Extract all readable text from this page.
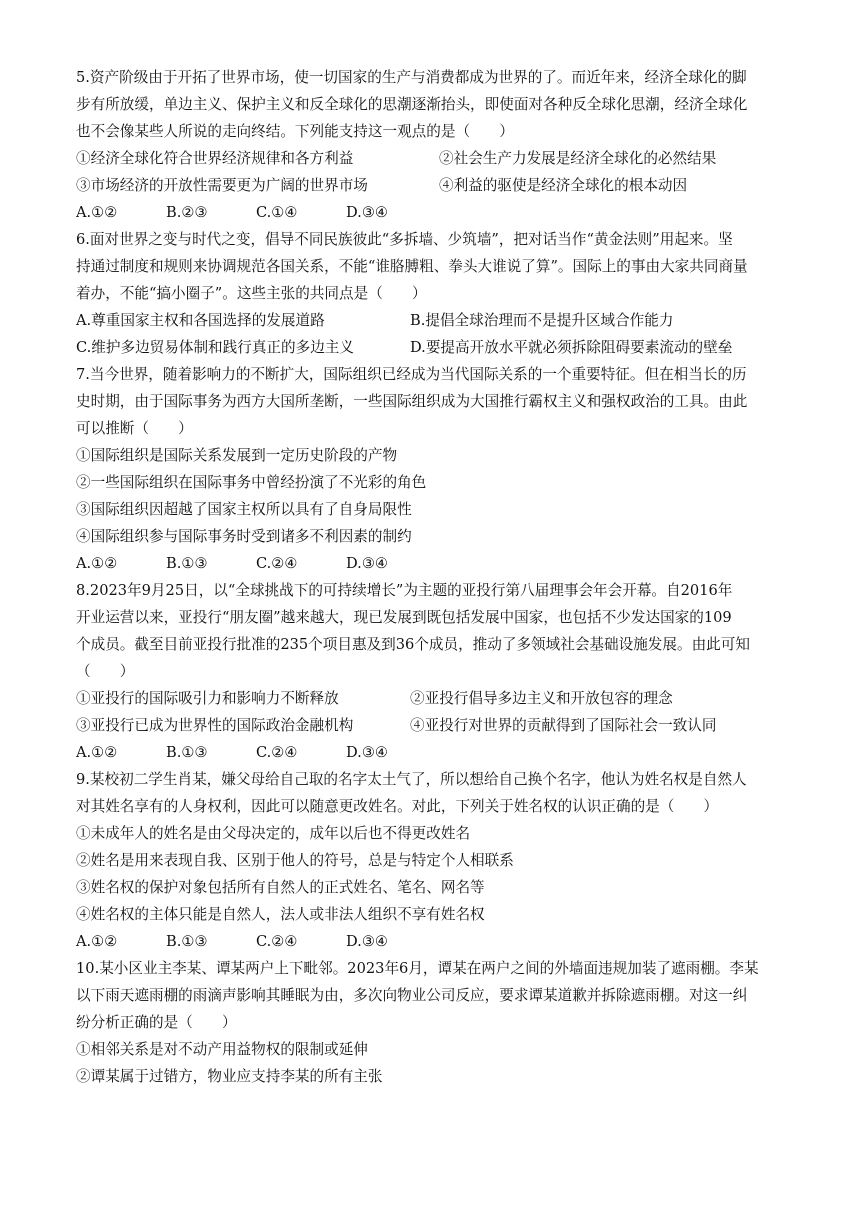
5.资产阶级由于开拓了世界市场，使一切国家的生产与消费都成为世界的了。而近年来，经济全球化的脚
步有所放缓，单边主义、保护主义和反全球化的思潮逐渐抬头，即使面对各种反全球化思潮，经济全球化
也不会像某些人所说的走向终结。下列能支持这一观点的是（　　）
①经济全球化符合世界经济规律和各方利益	②社会生产力发展是经济全球化的必然结果
③市场经济的开放性需要更为广阔的世界市场	④利益的驱使是经济全球化的根本动因
A.①②	B.②③	C.①④	D.③④
6.面对世界之变与时代之变，倡导不同民族彼此“多拆墙、少筑墙”，把对话当作“黄金法则”用起来。坚
持通过制度和规则来协调规范各国关系，不能“谁胳膊粗、拳头大谁说了算”。国际上的事由大家共同商量
着办，不能“搞小圈子”。这些主张的共同点是（　　）
A.尊重国家主权和各国选择的发展道路	B.提倡全球治理而不是提升区域合作能力
C.维护多边贸易体制和践行真正的多边主义	D.要提高开放水平就必须拆除阻碍要素流动的壁垒
7.当今世界，随着影响力的不断扩大，国际组织已经成为当代国际关系的一个重要特征。但在相当长的历
史时期，由于国际事务为西方大国所垄断，一些国际组织成为大国推行霸权主义和强权政治的工具。由此
可以推断（　　）
①国际组织是国际关系发展到一定历史阶段的产物
②一些国际组织在国际事务中曾经扮演了不光彩的角色
③国际组织因超越了国家主权所以具有了自身局限性
④国际组织参与国际事务时受到诸多不利因素的制约
A.①②	B.①③	C.②④	D.③④
8.2023年9月25日，以“全球挑战下的可持续增长”为主题的亚投行第八届理事会年会开幕。自2016年
开业运营以来，亚投行“朋友圈”越来越大，现已发展到既包括发展中国家，也包括不少发达国家的109
个成员。截至目前亚投行批准的235个项目惠及到36个成员，推动了多领域社会基础设施发展。由此可知
（　　）
①亚投行的国际吸引力和影响力不断释放	②亚投行倡导多边主义和开放包容的理念
③亚投行已成为世界性的国际政治金融机构	④亚投行对世界的贡献得到了国际社会一致认同
A.①②	B.①③	C.②④	D.③④
9.某校初二学生肖某，嫌父母给自己取的名字太土气了，所以想给自己换个名字，他认为姓名权是自然人
对其姓名享有的人身权利，因此可以随意更改姓名。对此，下列关于姓名权的认识正确的是（　　）
①未成年人的姓名是由父母决定的，成年以后也不得更改姓名
②姓名是用来表现自我、区别于他人的符号，总是与特定个人相联系
③姓名权的保护对象包括所有自然人的正式姓名、笔名、网名等
④姓名权的主体只能是自然人，法人或非法人组织不享有姓名权
A.①②	B.①③	C.②④	D.③④
10.某小区业主李某、谭某两户上下毗邻。2023年6月，谭某在两户之间的外墙面违规加装了遮雨棚。李某
以下雨天遮雨棚的雨滴声影响其睡眠为由，多次向物业公司反应，要求谭某道歉并拆除遮雨棚。对这一纠
纷分析正确的是（　　）
①相邻关系是对不动产用益物权的限制或延伸
②谭某属于过错方，物业应支持李某的所有主张
